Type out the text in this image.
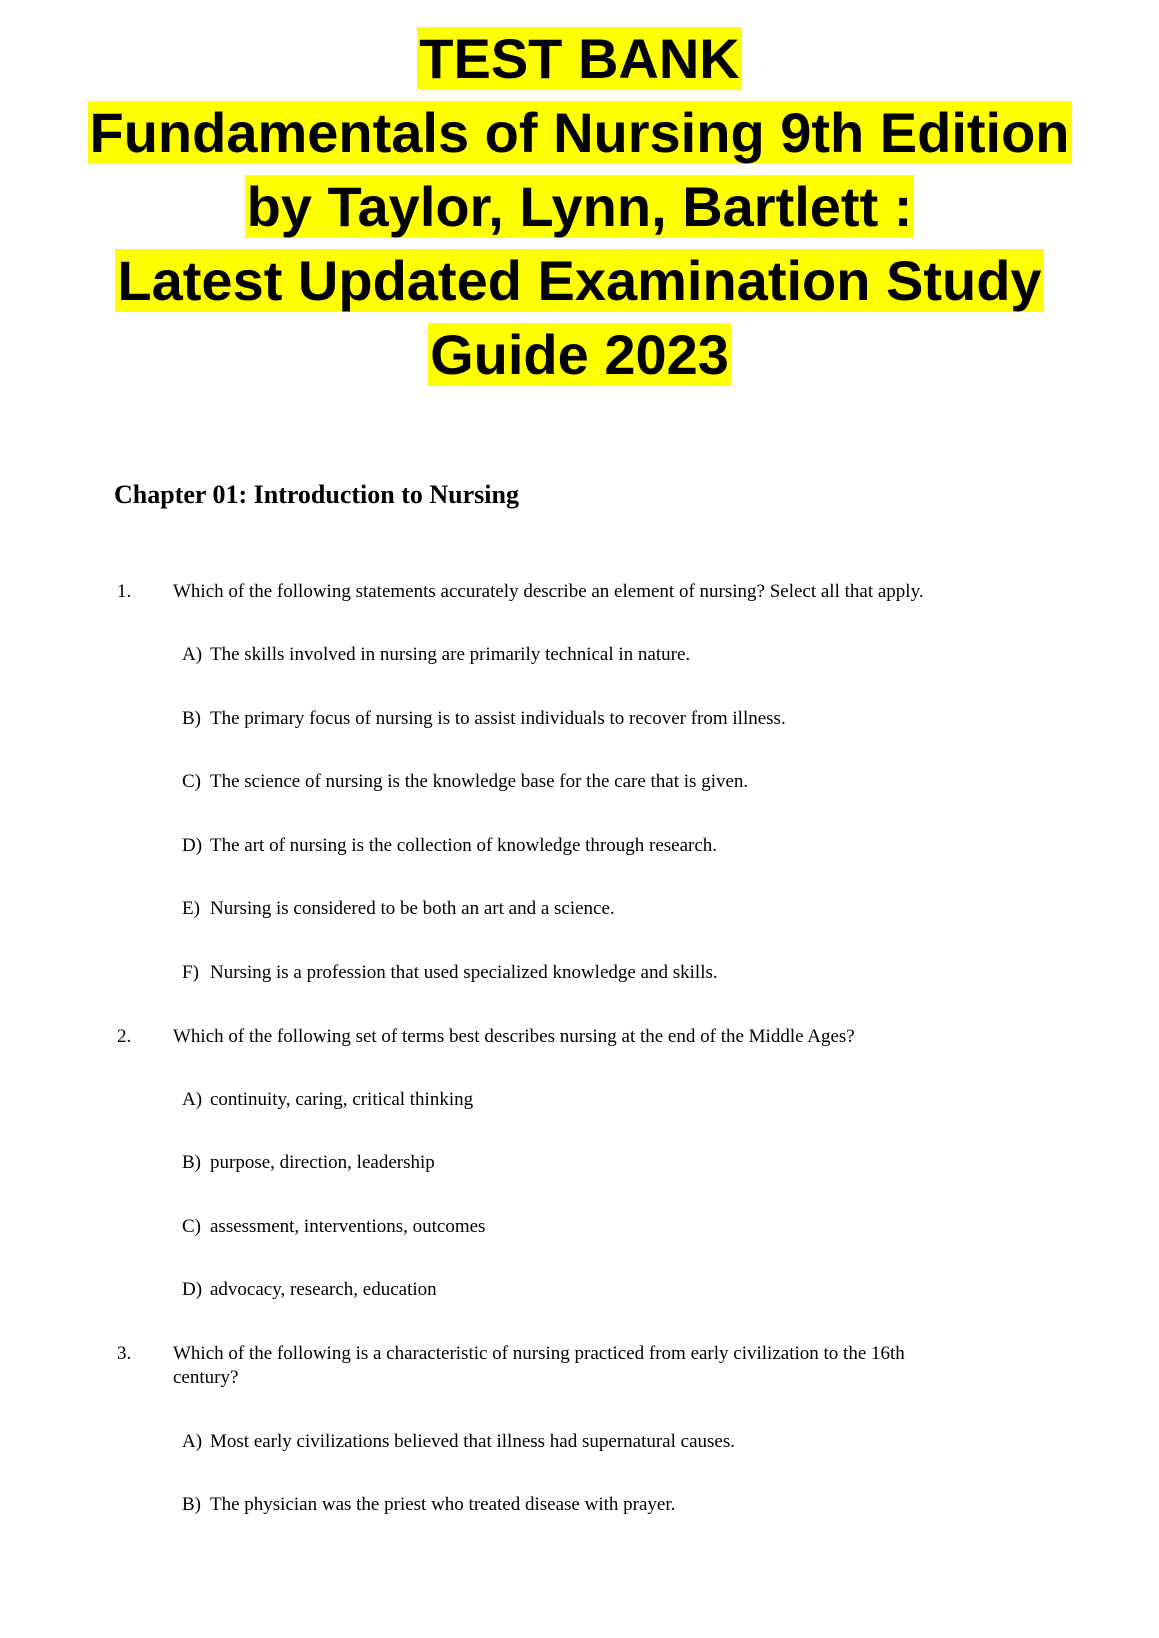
TEST BANK
Fundamentals of Nursing 9th Edition
by Taylor, Lynn, Bartlett :
Latest Updated Examination Study
Guide 2023
Chapter 01: Introduction to Nursing
1. Which of the following statements accurately describe an element of nursing? Select all that apply.
A) The skills involved in nursing are primarily technical in nature.
B) The primary focus of nursing is to assist individuals to recover from illness.
C) The science of nursing is the knowledge base for the care that is given.
D) The art of nursing is the collection of knowledge through research.
E) Nursing is considered to be both an art and a science.
F) Nursing is a profession that used specialized knowledge and skills.
2. Which of the following set of terms best describes nursing at the end of the Middle Ages?
A) continuity, caring, critical thinking
B) purpose, direction, leadership
C) assessment, interventions, outcomes
D) advocacy, research, education
3. Which of the following is a characteristic of nursing practiced from early civilization to the 16th
century?
A) Most early civilizations believed that illness had supernatural causes.
B) The physician was the priest who treated disease with prayer.
